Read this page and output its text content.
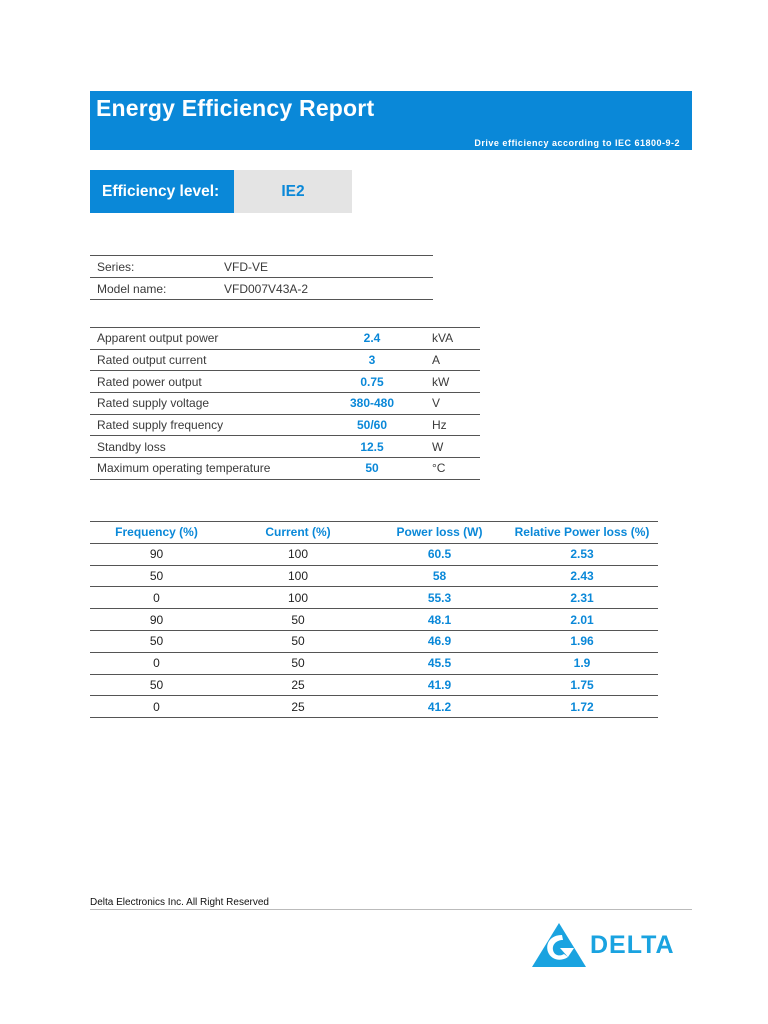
Energy Efficiency Report
Drive efficiency according to IEC 61800-9-2
Efficiency level:	IE2
Series:	VFD-VE
Model name:	VFD007V43A-2
Apparent output power	2.4	kVA
Rated output current	3	A
Rated power output	0.75	kW
Rated supply voltage	380-480	V
Rated supply frequency	50/60	Hz
Standby loss	12.5	W
Maximum operating temperature	50	°C
Frequency (%)	Current (%)	Power loss (W)	Relative Power loss (%)
90	100	60.5	2.53
50	100	58	2.43
0	100	55.3	2.31
90	50	48.1	2.01
50	50	46.9	1.96
0	50	45.5	1.9
50	25	41.9	1.75
0	25	41.2	1.72
Delta Electronics Inc. All Right Reserved
DELTA
